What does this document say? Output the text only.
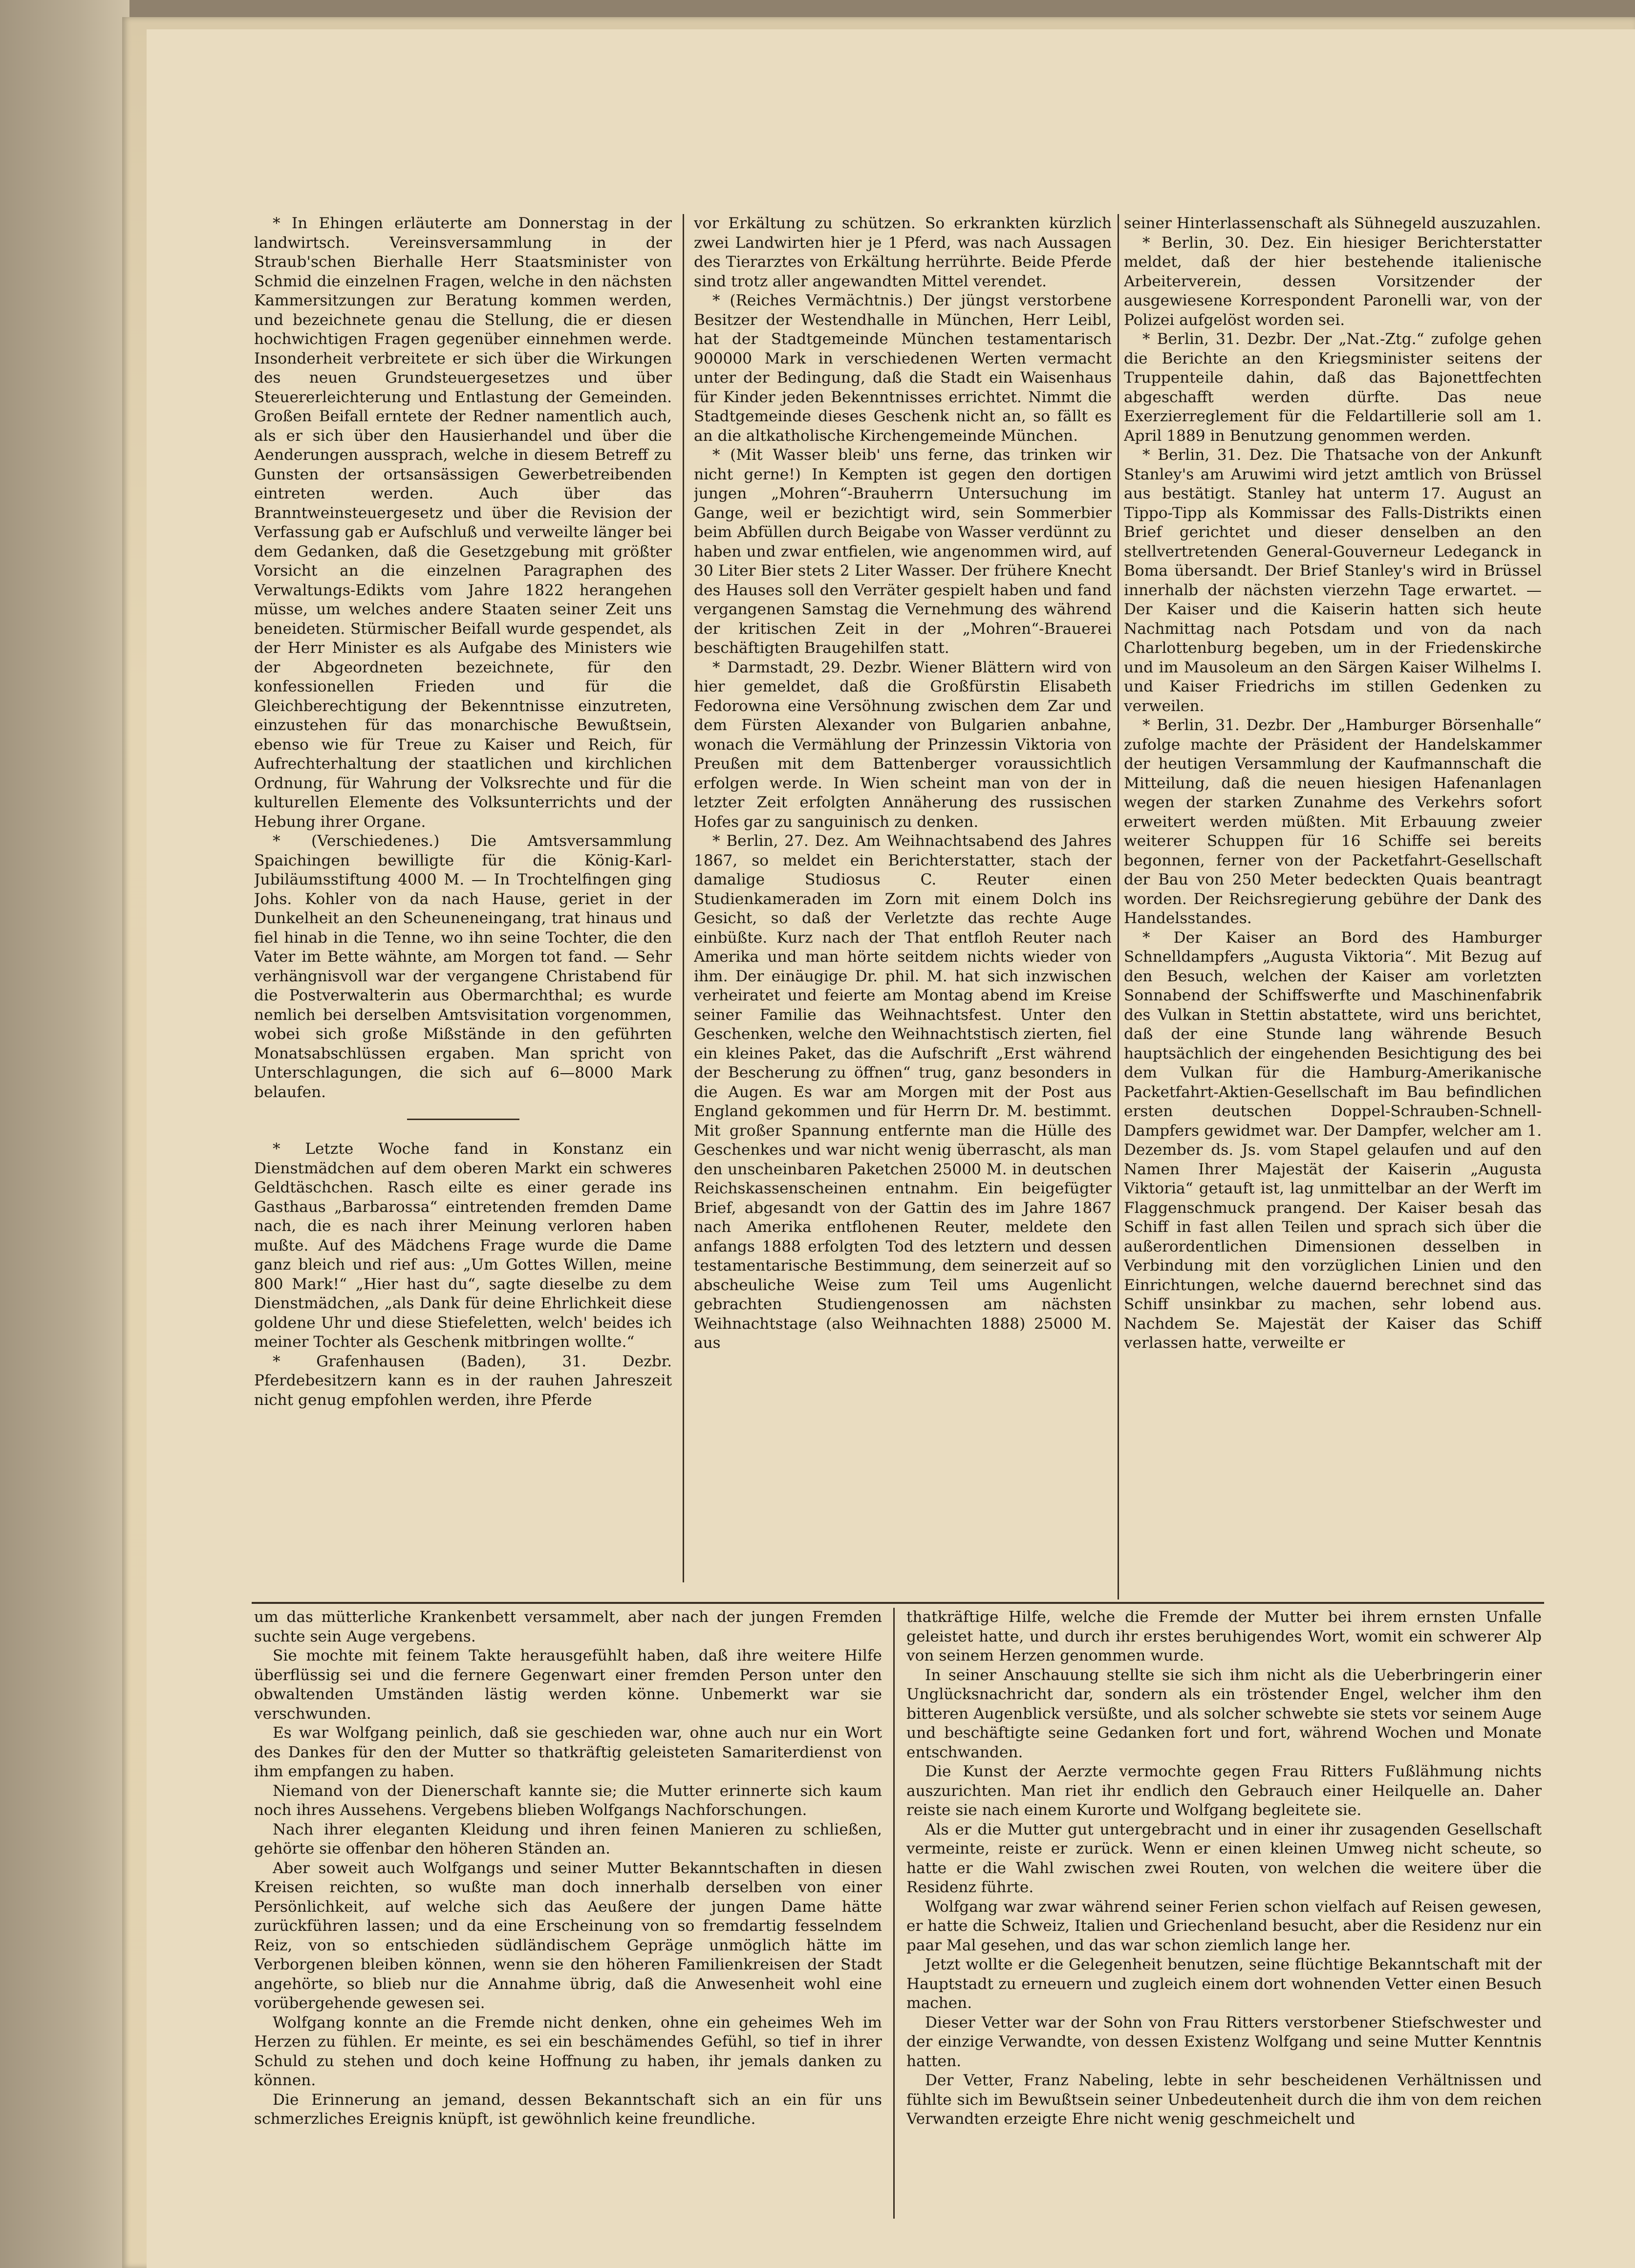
* In Ehingen erläuterte am Donnerstag in der landwirtsch. Vereinsversammlung in der Straub'schen Bierhalle Herr Staatsminister von Schmid die einzelnen Fragen, welche in den nächsten Kammersitzungen zur Beratung kommen werden, und bezeichnete genau die Stellung, die er diesen hochwichtigen Fragen gegenüber einnehmen werde. Insonderheit verbreitete er sich über die Wirkungen des neuen Grundsteuergesetzes und über Steuererleichterung und Entlastung der Gemeinden. Großen Beifall erntete der Redner namentlich auch, als er sich über den Hausierhandel und über die Aenderungen aussprach, welche in diesem Betreff zu Gunsten der ortsansässigen Gewerbetreibenden eintreten werden. Auch über das Branntweinsteuergesetz und über die Revision der Verfassung gab er Aufschluß und verweilte länger bei dem Gedanken, daß die Gesetzgebung mit größter Vorsicht an die einzelnen Paragraphen des Verwaltungs-Edikts vom Jahre 1822 herangehen müsse, um welches andere Staaten seiner Zeit uns beneideten. Stürmischer Beifall wurde gespendet, als der Herr Minister es als Aufgabe des Ministers wie der Abgeordneten bezeichnete, für den konfessionellen Frieden und für die Gleichberechtigung der Bekenntnisse einzutreten, einzustehen für das monarchische Bewußtsein, ebenso wie für Treue zu Kaiser und Reich, für Aufrechterhaltung der staatlichen und kirchlichen Ordnung, für Wahrung der Volksrechte und für die kulturellen Elemente des Volksunterrichts und der Hebung ihrer Organe.

* (Verschiedenes.) Die Amtsversammlung Spaichingen bewilligte für die König-Karl-Jubiläumsstiftung 4000 M. — In Trochtelfingen ging Johs. Kohler von da nach Hause, geriet in der Dunkelheit an den Scheuneneingang, trat hinaus und fiel hinab in die Tenne, wo ihn seine Tochter, die den Vater im Bette wähnte, am Morgen tot fand. — Sehr verhängnisvoll war der vergangene Christabend für die Postverwalterin aus Obermarchthal; es wurde nemlich bei derselben Amtsvisitation vorgenommen, wobei sich große Mißstände in den geführten Monatsabschlüssen ergaben. Man spricht von Unterschlagungen, die sich auf 6—8000 Mark belaufen.

* Letzte Woche fand in Konstanz ein Dienstmädchen auf dem oberen Markt ein schweres Geldtäschchen. Rasch eilte es einer gerade ins Gasthaus „Barbarossa“ eintretenden fremden Dame nach, die es nach ihrer Meinung verloren haben mußte. Auf des Mädchens Frage wurde die Dame ganz bleich und rief aus: „Um Gottes Willen, meine 800 Mark!“ „Hier hast du“, sagte dieselbe zu dem Dienstmädchen, „als Dank für deine Ehrlichkeit diese goldene Uhr und diese Stiefeletten, welch' beides ich meiner Tochter als Geschenk mitbringen wollte.“

* Grafenhausen (Baden), 31. Dezbr. Pferdebesitzern kann es in der rauhen Jahreszeit nicht genug empfohlen werden, ihre Pferde

vor Erkältung zu schützen. So erkrankten kürzlich zwei Landwirten hier je 1 Pferd, was nach Aussagen des Tierarztes von Erkältung herrührte. Beide Pferde sind trotz aller angewandten Mittel verendet.

* (Reiches Vermächtnis.) Der jüngst verstorbene Besitzer der Westendhalle in München, Herr Leibl, hat der Stadtgemeinde München testamentarisch 900000 Mark in verschiedenen Werten vermacht unter der Bedingung, daß die Stadt ein Waisenhaus für Kinder jeden Bekenntnisses errichtet. Nimmt die Stadtgemeinde dieses Geschenk nicht an, so fällt es an die altkatholische Kirchengemeinde München.

* (Mit Wasser bleib' uns ferne, das trinken wir nicht gerne!) In Kempten ist gegen den dortigen jungen „Mohren“-Brauherrn Untersuchung im Gange, weil er bezichtigt wird, sein Sommerbier beim Abfüllen durch Beigabe von Wasser verdünnt zu haben und zwar entfielen, wie angenommen wird, auf 30 Liter Bier stets 2 Liter Wasser. Der frühere Knecht des Hauses soll den Verräter gespielt haben und fand vergangenen Samstag die Vernehmung des während der kritischen Zeit in der „Mohren“-Brauerei beschäftigten Braugehilfen statt.

* Darmstadt, 29. Dezbr. Wiener Blättern wird von hier gemeldet, daß die Großfürstin Elisabeth Fedorowna eine Versöhnung zwischen dem Zar und dem Fürsten Alexander von Bulgarien anbahne, wonach die Vermählung der Prinzessin Viktoria von Preußen mit dem Battenberger voraussichtlich erfolgen werde. In Wien scheint man von der in letzter Zeit erfolgten Annäherung des russischen Hofes gar zu sanguinisch zu denken.

* Berlin, 27. Dez. Am Weihnachtsabend des Jahres 1867, so meldet ein Berichterstatter, stach der damalige Studiosus C. Reuter einen Studienkameraden im Zorn mit einem Dolch ins Gesicht, so daß der Verletzte das rechte Auge einbüßte. Kurz nach der That entfloh Reuter nach Amerika und man hörte seitdem nichts wieder von ihm. Der einäugige Dr. phil. M. hat sich inzwischen verheiratet und feierte am Montag abend im Kreise seiner Familie das Weihnachtsfest. Unter den Geschenken, welche den Weihnachtstisch zierten, fiel ein kleines Paket, das die Aufschrift „Erst während der Bescherung zu öffnen“ trug, ganz besonders in die Augen. Es war am Morgen mit der Post aus England gekommen und für Herrn Dr. M. bestimmt. Mit großer Spannung entfernte man die Hülle des Geschenkes und war nicht wenig überrascht, als man den unscheinbaren Paketchen 25000 M. in deutschen Reichskassenscheinen entnahm. Ein beigefügter Brief, abgesandt von der Gattin des im Jahre 1867 nach Amerika entflohenen Reuter, meldete den anfangs 1888 erfolgten Tod des letztern und dessen testamentarische Bestimmung, dem seinerzeit auf so abscheuliche Weise zum Teil ums Augenlicht gebrachten Studiengenossen am nächsten Weihnachtstage (also Weihnachten 1888) 25000 M. aus

seiner Hinterlassenschaft als Sühnegeld auszuzahlen.

* Berlin, 30. Dez. Ein hiesiger Berichterstatter meldet, daß der hier bestehende italienische Arbeiterverein, dessen Vorsitzender der ausgewiesene Korrespondent Paronelli war, von der Polizei aufgelöst worden sei.

* Berlin, 31. Dezbr. Der „Nat.-Ztg.“ zufolge gehen die Berichte an den Kriegsminister seitens der Truppenteile dahin, daß das Bajonettfechten abgeschafft werden dürfte. Das neue Exerzierreglement für die Feldartillerie soll am 1. April 1889 in Benutzung genommen werden.

* Berlin, 31. Dez. Die Thatsache von der Ankunft Stanley's am Aruwimi wird jetzt amtlich von Brüssel aus bestätigt. Stanley hat unterm 17. August an Tippo-Tipp als Kommissar des Falls-Distrikts einen Brief gerichtet und dieser denselben an den stellvertretenden General-Gouverneur Ledeganck in Boma übersandt. Der Brief Stanley's wird in Brüssel innerhalb der nächsten vierzehn Tage erwartet. — Der Kaiser und die Kaiserin hatten sich heute Nachmittag nach Potsdam und von da nach Charlottenburg begeben, um in der Friedenskirche und im Mausoleum an den Särgen Kaiser Wilhelms I. und Kaiser Friedrichs im stillen Gedenken zu verweilen.

* Berlin, 31. Dezbr. Der „Hamburger Börsenhalle“ zufolge machte der Präsident der Handelskammer der heutigen Versammlung der Kaufmannschaft die Mitteilung, daß die neuen hiesigen Hafenanlagen wegen der starken Zunahme des Verkehrs sofort erweitert werden müßten. Mit Erbauung zweier weiterer Schuppen für 16 Schiffe sei bereits begonnen, ferner von der Packetfahrt-Gesellschaft der Bau von 250 Meter bedeckten Quais beantragt worden. Der Reichsregierung gebühre der Dank des Handelsstandes.

* Der Kaiser an Bord des Hamburger Schnelldampfers „Augusta Viktoria“. Mit Bezug auf den Besuch, welchen der Kaiser am vorletzten Sonnabend der Schiffswerfte und Maschinenfabrik des Vulkan in Stettin abstattete, wird uns berichtet, daß der eine Stunde lang währende Besuch hauptsächlich der eingehenden Besichtigung des bei dem Vulkan für die Hamburg-Amerikanische Packetfahrt-Aktien-Gesellschaft im Bau befindlichen ersten deutschen Doppel-Schrauben-Schnell-Dampfers gewidmet war. Der Dampfer, welcher am 1. Dezember ds. Js. vom Stapel gelaufen und auf den Namen Ihrer Majestät der Kaiserin „Augusta Viktoria“ getauft ist, lag unmittelbar an der Werft im Flaggenschmuck prangend. Der Kaiser besah das Schiff in fast allen Teilen und sprach sich über die außerordentlichen Dimensionen desselben in Verbindung mit den vorzüglichen Linien und den Einrichtungen, welche dauernd berechnet sind das Schiff unsinkbar zu machen, sehr lobend aus. Nachdem Se. Majestät der Kaiser das Schiff verlassen hatte, verweilte er

um das mütterliche Krankenbett versammelt, aber nach der jungen Fremden suchte sein Auge vergebens.

Sie mochte mit feinem Takte herausgefühlt haben, daß ihre weitere Hilfe überflüssig sei und die fernere Gegenwart einer fremden Person unter den obwaltenden Umständen lästig werden könne. Unbemerkt war sie verschwunden.

Es war Wolfgang peinlich, daß sie geschieden war, ohne auch nur ein Wort des Dankes für den der Mutter so thatkräftig geleisteten Samariterdienst von ihm empfangen zu haben.

Niemand von der Dienerschaft kannte sie; die Mutter erinnerte sich kaum noch ihres Aussehens. Vergebens blieben Wolfgangs Nachforschungen.

Nach ihrer eleganten Kleidung und ihren feinen Manieren zu schließen, gehörte sie offenbar den höheren Ständen an.

Aber soweit auch Wolfgangs und seiner Mutter Bekanntschaften in diesen Kreisen reichten, so wußte man doch innerhalb derselben von einer Persönlichkeit, auf welche sich das Aeußere der jungen Dame hätte zurückführen lassen; und da eine Erscheinung von so fremdartig fesselndem Reiz, von so entschieden südländischem Gepräge unmöglich hätte im Verborgenen bleiben können, wenn sie den höheren Familienkreisen der Stadt angehörte, so blieb nur die Annahme übrig, daß die Anwesenheit wohl eine vorübergehende gewesen sei.

Wolfgang konnte an die Fremde nicht denken, ohne ein geheimes Weh im Herzen zu fühlen. Er meinte, es sei ein beschämendes Gefühl, so tief in ihrer Schuld zu stehen und doch keine Hoffnung zu haben, ihr jemals danken zu können.

Die Erinnerung an jemand, dessen Bekanntschaft sich an ein für uns schmerzliches Ereignis knüpft, ist gewöhnlich keine freundliche.

thatkräftige Hilfe, welche die Fremde der Mutter bei ihrem ernsten Unfalle geleistet hatte, und durch ihr erstes beruhigendes Wort, womit ein schwerer Alp von seinem Herzen genommen wurde.

In seiner Anschauung stellte sie sich ihm nicht als die Ueberbringerin einer Unglücksnachricht dar, sondern als ein tröstender Engel, welcher ihm den bitteren Augenblick versüßte, und als solcher schwebte sie stets vor seinem Auge und beschäftigte seine Gedanken fort und fort, während Wochen und Monate entschwanden.

Die Kunst der Aerzte vermochte gegen Frau Ritters Fußlähmung nichts auszurichten. Man riet ihr endlich den Gebrauch einer Heilquelle an. Daher reiste sie nach einem Kurorte und Wolfgang begleitete sie.

Als er die Mutter gut untergebracht und in einer ihr zusagenden Gesellschaft vermeinte, reiste er zurück. Wenn er einen kleinen Umweg nicht scheute, so hatte er die Wahl zwischen zwei Routen, von welchen die weitere über die Residenz führte.

Wolfgang war zwar während seiner Ferien schon vielfach auf Reisen gewesen, er hatte die Schweiz, Italien und Griechenland besucht, aber die Residenz nur ein paar Mal gesehen, und das war schon ziemlich lange her.

Jetzt wollte er die Gelegenheit benutzen, seine flüchtige Bekanntschaft mit der Hauptstadt zu erneuern und zugleich einem dort wohnenden Vetter einen Besuch machen.

Dieser Vetter war der Sohn von Frau Ritters verstorbener Stiefschwester und der einzige Verwandte, von dessen Existenz Wolfgang und seine Mutter Kenntnis hatten.

Der Vetter, Franz Nabeling, lebte in sehr bescheidenen Verhältnissen und fühlte sich im Bewußtsein seiner Unbedeutenheit durch die ihm von dem reichen Verwandten erzeigte Ehre nicht wenig geschmeichelt und
